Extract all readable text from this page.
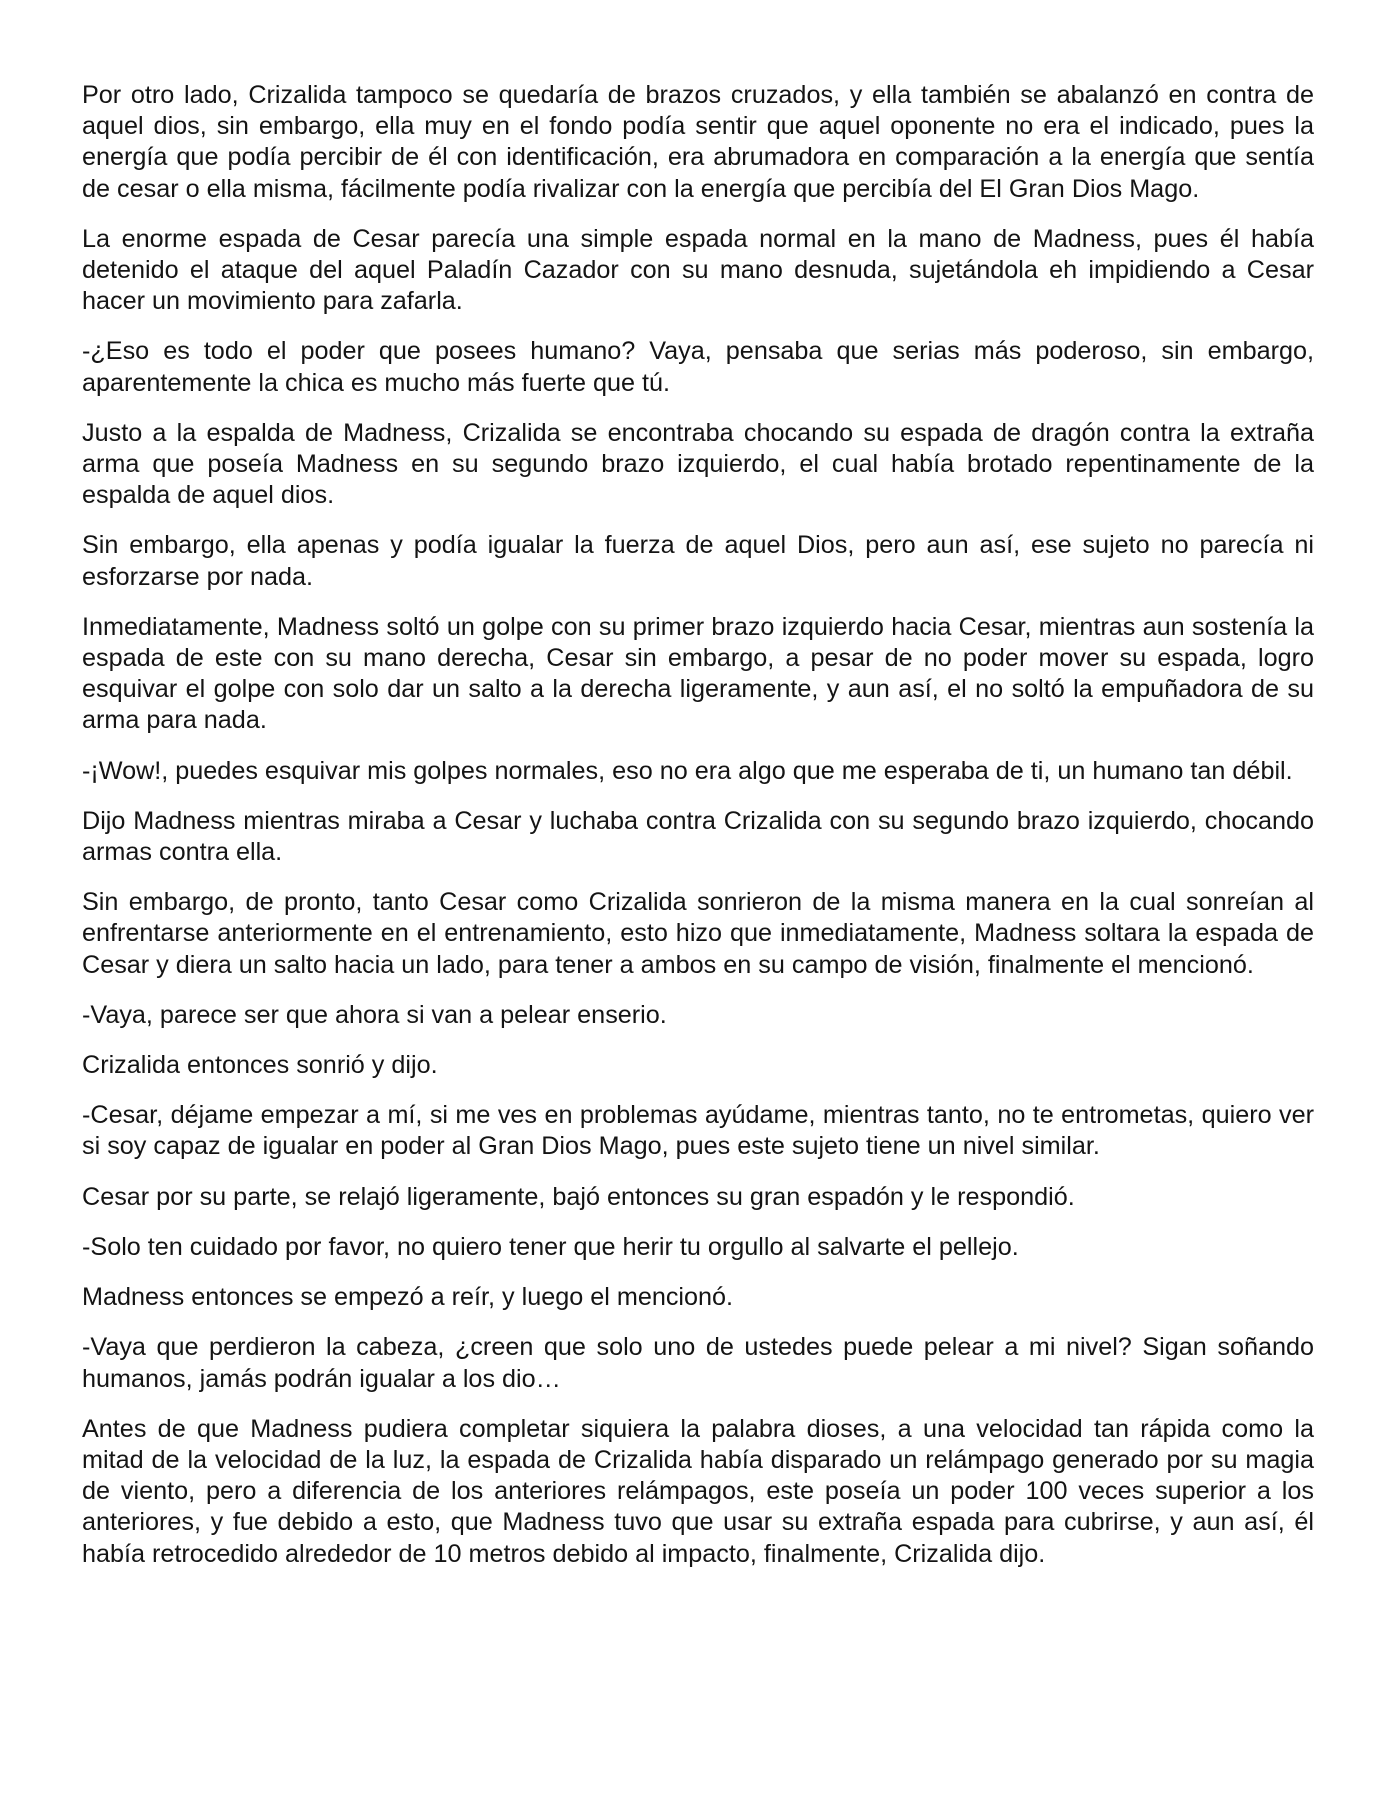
Por otro lado, Crizalida tampoco se quedaría de brazos cruzados, y ella también se abalanzó en contra de aquel dios, sin embargo, ella muy en el fondo podía sentir que aquel oponente no era el indicado, pues la energía que podía percibir de él con identificación, era abrumadora en comparación a la energía que sentía de cesar o ella misma, fácilmente podía rivalizar con la energía que percibía del El Gran Dios Mago.

La enorme espada de Cesar parecía una simple espada normal en la mano de Madness, pues él había detenido el ataque del aquel Paladín Cazador con su mano desnuda, sujetándola eh impidiendo a Cesar hacer un movimiento para zafarla.

-¿Eso es todo el poder que posees humano? Vaya, pensaba que serias más poderoso, sin embargo, aparentemente la chica es mucho más fuerte que tú.

Justo a la espalda de Madness, Crizalida se encontraba chocando su espada de dragón contra la extraña arma que poseía Madness en su segundo brazo izquierdo, el cual había brotado repentinamente de la espalda de aquel dios.

Sin embargo, ella apenas y podía igualar la fuerza de aquel Dios, pero aun así, ese sujeto no parecía ni esforzarse por nada.

Inmediatamente, Madness soltó un golpe con su primer brazo izquierdo hacia Cesar, mientras aun sostenía la espada de este con su mano derecha, Cesar sin embargo, a pesar de no poder mover su espada, logro esquivar el golpe con solo dar un salto a la derecha ligeramente, y aun así, el no soltó la empuñadora de su arma para nada.

-¡Wow!, puedes esquivar mis golpes normales, eso no era algo que me esperaba de ti, un humano tan débil.

Dijo Madness mientras miraba a Cesar y luchaba contra Crizalida con su segundo brazo izquierdo, chocando armas contra ella.

Sin embargo, de pronto, tanto Cesar como Crizalida sonrieron de la misma manera en la cual sonreían al enfrentarse anteriormente en el entrenamiento, esto hizo que inmediatamente, Madness soltara la espada de Cesar y diera un salto hacia un lado, para tener a ambos en su campo de visión, finalmente el mencionó.

-Vaya, parece ser que ahora si van a pelear enserio.

Crizalida entonces sonrió y dijo.

-Cesar, déjame empezar a mí, si me ves en problemas ayúdame, mientras tanto, no te entrometas, quiero ver si soy capaz de igualar en poder al Gran Dios Mago, pues este sujeto tiene un nivel similar.

Cesar por su parte, se relajó ligeramente, bajó entonces su gran espadón y le respondió.

-Solo ten cuidado por favor, no quiero tener que herir tu orgullo al salvarte el pellejo.

Madness entonces se empezó a reír, y luego el mencionó.

-Vaya que perdieron la cabeza, ¿creen que solo uno de ustedes puede pelear a mi nivel? Sigan soñando humanos, jamás podrán igualar a los dio…

Antes de que Madness pudiera completar siquiera la palabra dioses, a una velocidad tan rápida como la mitad de la velocidad de la luz, la espada de Crizalida había disparado un relámpago generado por su magia de viento, pero a diferencia de los anteriores relámpagos, este poseía un poder 100 veces superior a los anteriores, y fue debido a esto, que Madness tuvo que usar su extraña espada para cubrirse, y aun así, él había retrocedido alrededor de 10 metros debido al impacto, finalmente, Crizalida dijo.
